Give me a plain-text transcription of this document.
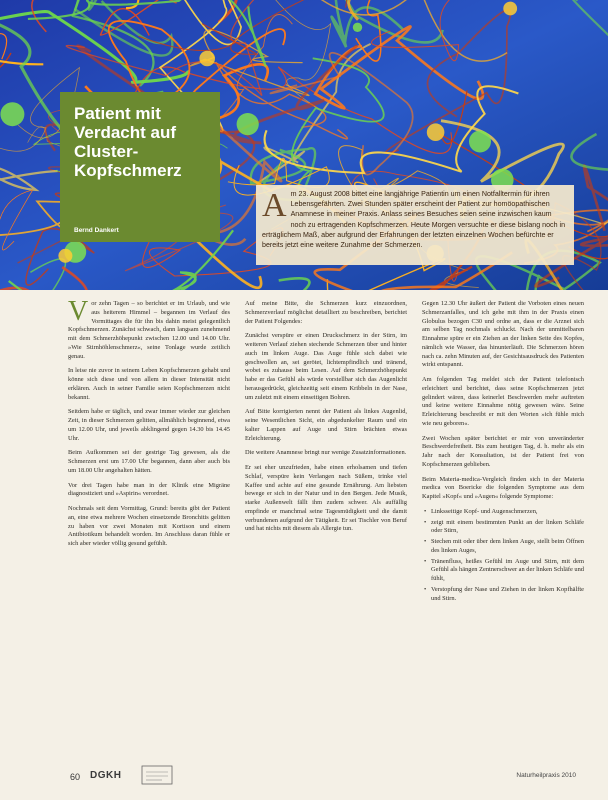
Patient mit Verdacht auf Cluster-Kopfschmerz
Bernd Dankert
A m 23. August 2008 bittet eine langjährige Patientin um einen Notfalltermin für ihren Lebensgefährten. Zwei Stunden später erscheint der Patient zur homöopathischen Anamnese in meiner Praxis. Anlass seines Besuches seien seine inzwischen kaum noch zu ertragenden Kopfschmerzen. Heute Morgen versuchte er diese bislang noch in erträglichem Maß, aber aufgrund der Erfahrungen der letzten einzelnen Wochen befürchte er bereits jetzt eine weitere Zunahme der Schmerzen.

Vor zehn Tagen – so berichtet er im Urlaub, und wie aus heiterem Himmel – begannen im Verlauf des Vormittages die für ihn bis dahin meist gelegentlich Kopfschmerzen. Zunächst schwach, dann langsam zunehmend mit dem Schmerzhöhepunkt zwischen 12.00 und 14.00 Uhr. »Wie Stirnhöhlenschmerz«, seine Tonlage wurde zeitlich genau.

In leise nie zuvor in seinem Leben Kopfschmerzen gehabt und könne sich diese und von allem in dieser Intensität nicht erklären. Auch in seiner Familie seien Kopfschmerzen nicht bekannt.

Seitdem habe er täglich, und zwar immer wieder zur gleichen Zeit, in dieser Schmerzen gelitten, allmählich beginnend, etwa um 12.00 Uhr, und jeweils abklingend gegen 14.30 bis 14.45 Uhr.

Beim Aufkommen sei der gestrige Tag gewesen, als die Schmerzen erst um 17.00 Uhr begannen, dann aber auch bis um 18.00 Uhr angehalten hätten.

Vor drei Tagen habe man in der Klinik eine Migräne diagnostiziert und »Aspirin« verordnet.

Nochmals seit dem Vormittag, Grund: bereits gibt der Patient an, eine etwa mehrere Wochen einsetzende Bronchitis gelitten zu haben vor zwei Monaten mit Kortison und einem Antibiotikum behandelt worden. Im Anschluss daran fühle er sich aber wieder völlig gesund gefühlt.

Auf meine Bitte, die Schmerzen kurz einzuordnen, Schmerzverlauf möglichst detailliert zu beschreiben, berichtet der Patient Folgendes:

Zunächst verspüre er einen Druckschmerz in der Stirn, im weiteren Verlauf ziehen stechende Schmerzen über und hinter auch im linken Auge. Das Auge fühle sich dabei wie geschwollen an, sei gerötet, lichtempfindlich und tränend, wobei es zuhause beim Lesen. Auf dem Schmerzhöhepunkt habe er das Gefühl als würde vorstellbar sich das Augenlicht herausgedrückt, gleichzeitig seit einem Kribbeln in der Nase, um zuletzt mit einem einseitigen Bohren.

Auf Bitte korrigierten nennt der Patient als linkes Augenlid, seine Wesentlichen Sicht, ein abgedunkelter Raum und ein kalter Lappen auf Auge und Stirn brächten etwas Erleichterung.

Die weitere Anamnese bringt nur wenige Zusatzinformationen.

Er sei eher unzufrieden, habe einen erholsamen und tiefen Schlaf, verspüre kein Verlangen nach Süßem, trinke viel Kaffee und achte auf eine gesunde Ernährung. Am liebsten bewege er sich in der Natur und in den Bergen. Jede Musik, starke Außenwelt fällt ihm zudem schwer. Als auffällig empfinde er manchmal seine Tagesmüdigkeit und die damit verbundenen aufgrund der Tätigkeit. Er sei Tischler von Beruf und hat nichts mit diesem als Allergie tun.

Gegen 12.30 Uhr äußert der Patient die Vorboten eines neuen Schmerzanfalles, und ich gehe mit ihm in der Praxis einen Globulus bezogen C30 und ordne an, dass er die Arznei sich am selben Tag nochmals schluckt. Nach der unmittelbaren Einnahme spüre er ein Ziehen an der linken Seite des Kopfes, nämlich wie Wasser, das hinunterläuft. Die Schmerzen hören nach ca. zehn Minuten auf, der Gesichtsausdruck des Patienten wirkt entspannt.

Am folgenden Tag meldet sich der Patient telefonisch erleichtert und berichtet, dass seine Kopfschmerzen jetzt gelindert wären, dass keinerlei Beschwerden mehr auftreten und keine weitere Einnahme nötig gewesen wäre. Seine Erleichterung beschreibt er mit den Worten »ich fühle mich wie neu geboren«.

Zwei Wochen später berichtet er mir von unveränderter Beschwerdefreiheit. Bis zum heutigen Tag, d. h. mehr als ein Jahr nach der Konsultation, ist der Patient frei von Kopfschmerzen geblieben.

Beim Materia-medica-Vergleich finden sich in der Materia medica von Boericke die folgenden Symptome aus dem Kapitel »Kopf« und »Augen« folgende Symptome:

• Linksseitige Kopf- und Augenschmerzen,
• zeigt mit einem bestimmten Punkt an der linken Schläfe oder Stirn,
• Stechen mit oder über dem linken Auge, stellt beim Öffnen des linken Auges,
• Tränenfluss, heißes Gefühl im Auge und Stirn, mit dem Gefühl als hängen Zentnerschwer an der linken Schläfe und fühlt,
• Verstopfung der Nase und Ziehen in der linken Kopfhälfte und Stirn.
60 DGKH	Naturheilpraxis 2010
